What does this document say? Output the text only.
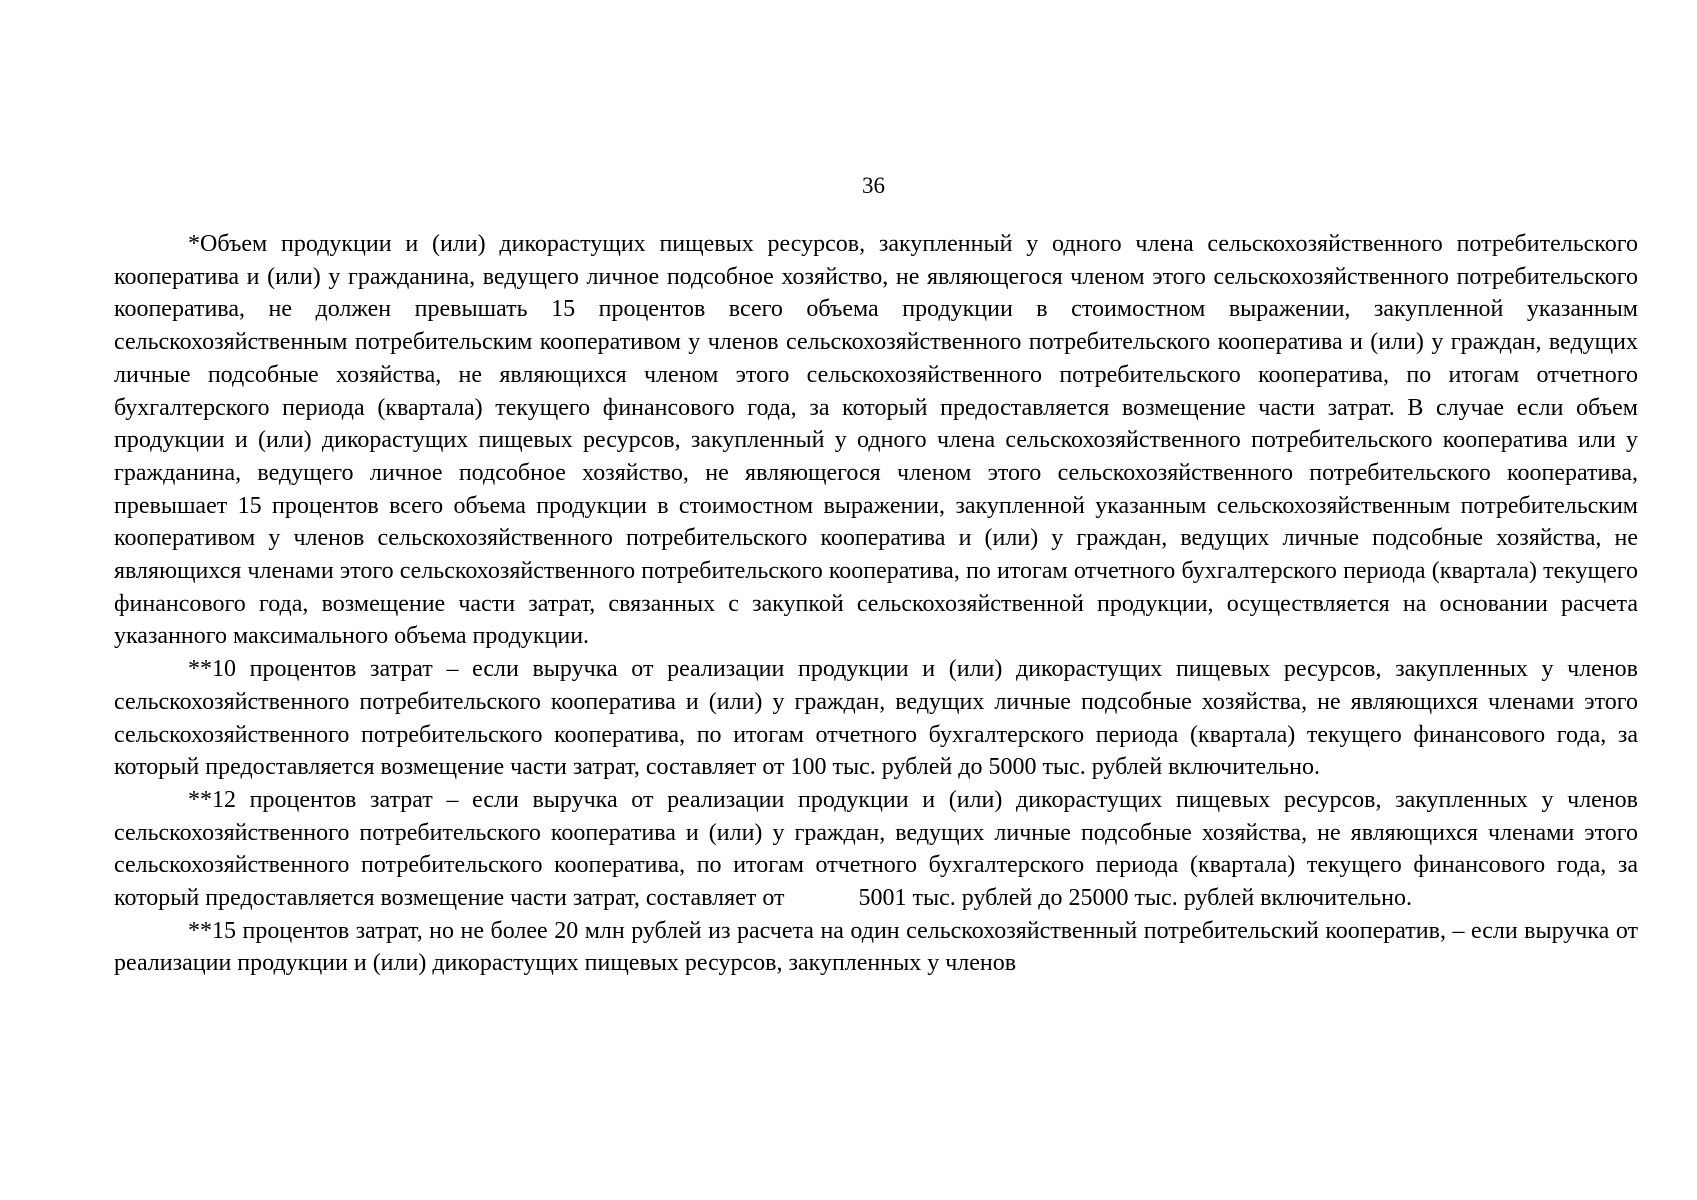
36

*Объем продукции и (или) дикорастущих пищевых ресурсов, закупленный у одного члена сельскохозяйственного потребительского кооператива и (или) у гражданина, ведущего личное подсобное хозяйство, не являющегося членом этого сельскохозяйственного потребительского кооператива, не должен превышать 15 процентов всего объема продукции в стоимостном выражении, закупленной указанным сельскохозяйственным потребительским кооперативом у членов сельскохозяйственного потребительского кооператива и (или) у граждан, ведущих личные подсобные хозяйства, не являющихся членом этого сельскохозяйственного потребительского кооператива, по итогам отчетного бухгалтерского периода (квартала) текущего финансового года, за который предоставляется возмещение части затрат. В случае если объем продукции и (или) дикорастущих пищевых ресурсов, закупленный у одного члена сельскохозяйственного потребительского кооператива или у гражданина, ведущего личное подсобное хозяйство, не являющегося членом этого сельскохозяйственного потребительского кооператива, превышает 15 процентов всего объема продукции в стоимостном выражении, закупленной указанным сельскохозяйственным потребительским кооперативом у членов сельскохозяйственного потребительского кооператива и (или) у граждан, ведущих личные подсобные хозяйства, не являющихся членами этого сельскохозяйственного потребительского кооператива, по итогам отчетного бухгалтерского периода (квартала) текущего финансового года, возмещение части затрат, связанных с закупкой сельскохозяйственной продукции, осуществляется на основании расчета указанного максимального объема продукции.

**10 процентов затрат – если выручка от реализации продукции и (или) дикорастущих пищевых ресурсов, закупленных у членов сельскохозяйственного потребительского кооператива и (или) у граждан, ведущих личные подсобные хозяйства, не являющихся членами этого сельскохозяйственного потребительского кооператива, по итогам отчетного бухгалтерского периода (квартала) текущего финансового года, за который предоставляется возмещение части затрат, составляет от 100 тыс. рублей до 5000 тыс. рублей включительно.

**12 процентов затрат – если выручка от реализации продукции и (или) дикорастущих пищевых ресурсов, закупленных у членов сельскохозяйственного потребительского кооператива и (или) у граждан, ведущих личные подсобные хозяйства, не являющихся членами этого сельскохозяйственного потребительского кооператива, по итогам отчетного бухгалтерского периода (квартала) текущего финансового года, за который предоставляется возмещение части затрат, составляет от	5001 тыс. рублей до 25000 тыс. рублей включительно.

**15 процентов затрат, но не более 20 млн рублей из расчета на один сельскохозяйственный потребительский кооператив, – если выручка от реализации продукции и (или) дикорастущих пищевых ресурсов, закупленных у членов
